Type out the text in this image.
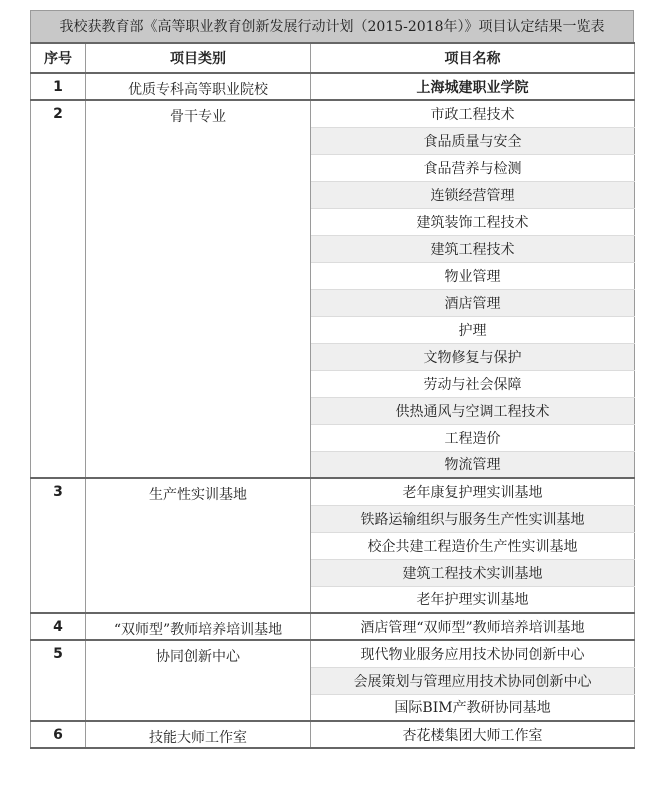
我校获教育部《高等职业教育创新发展行动计划（2015-2018年）》项目认定结果一览表
序号	项目类别	项目名称
1	优质专科高等职业院校	上海城建职业学院
2	骨干专业	市政工程技术
		食品质量与安全
		食品营养与检测
		连锁经营管理
		建筑装饰工程技术
		建筑工程技术
		物业管理
		酒店管理
		护理
		文物修复与保护
		劳动与社会保障
		供热通风与空调工程技术
		工程造价
		物流管理
3	生产性实训基地	老年康复护理实训基地
		铁路运输组织与服务生产性实训基地
		校企共建工程造价生产性实训基地
		建筑工程技术实训基地
		老年护理实训基地
4	“双师型”教师培养培训基地	酒店管理“双师型”教师培养培训基地
5	协同创新中心	现代物业服务应用技术协同创新中心
		会展策划与管理应用技术协同创新中心
		国际BIM产教研协同基地
6	技能大师工作室	杏花楼集团大师工作室
